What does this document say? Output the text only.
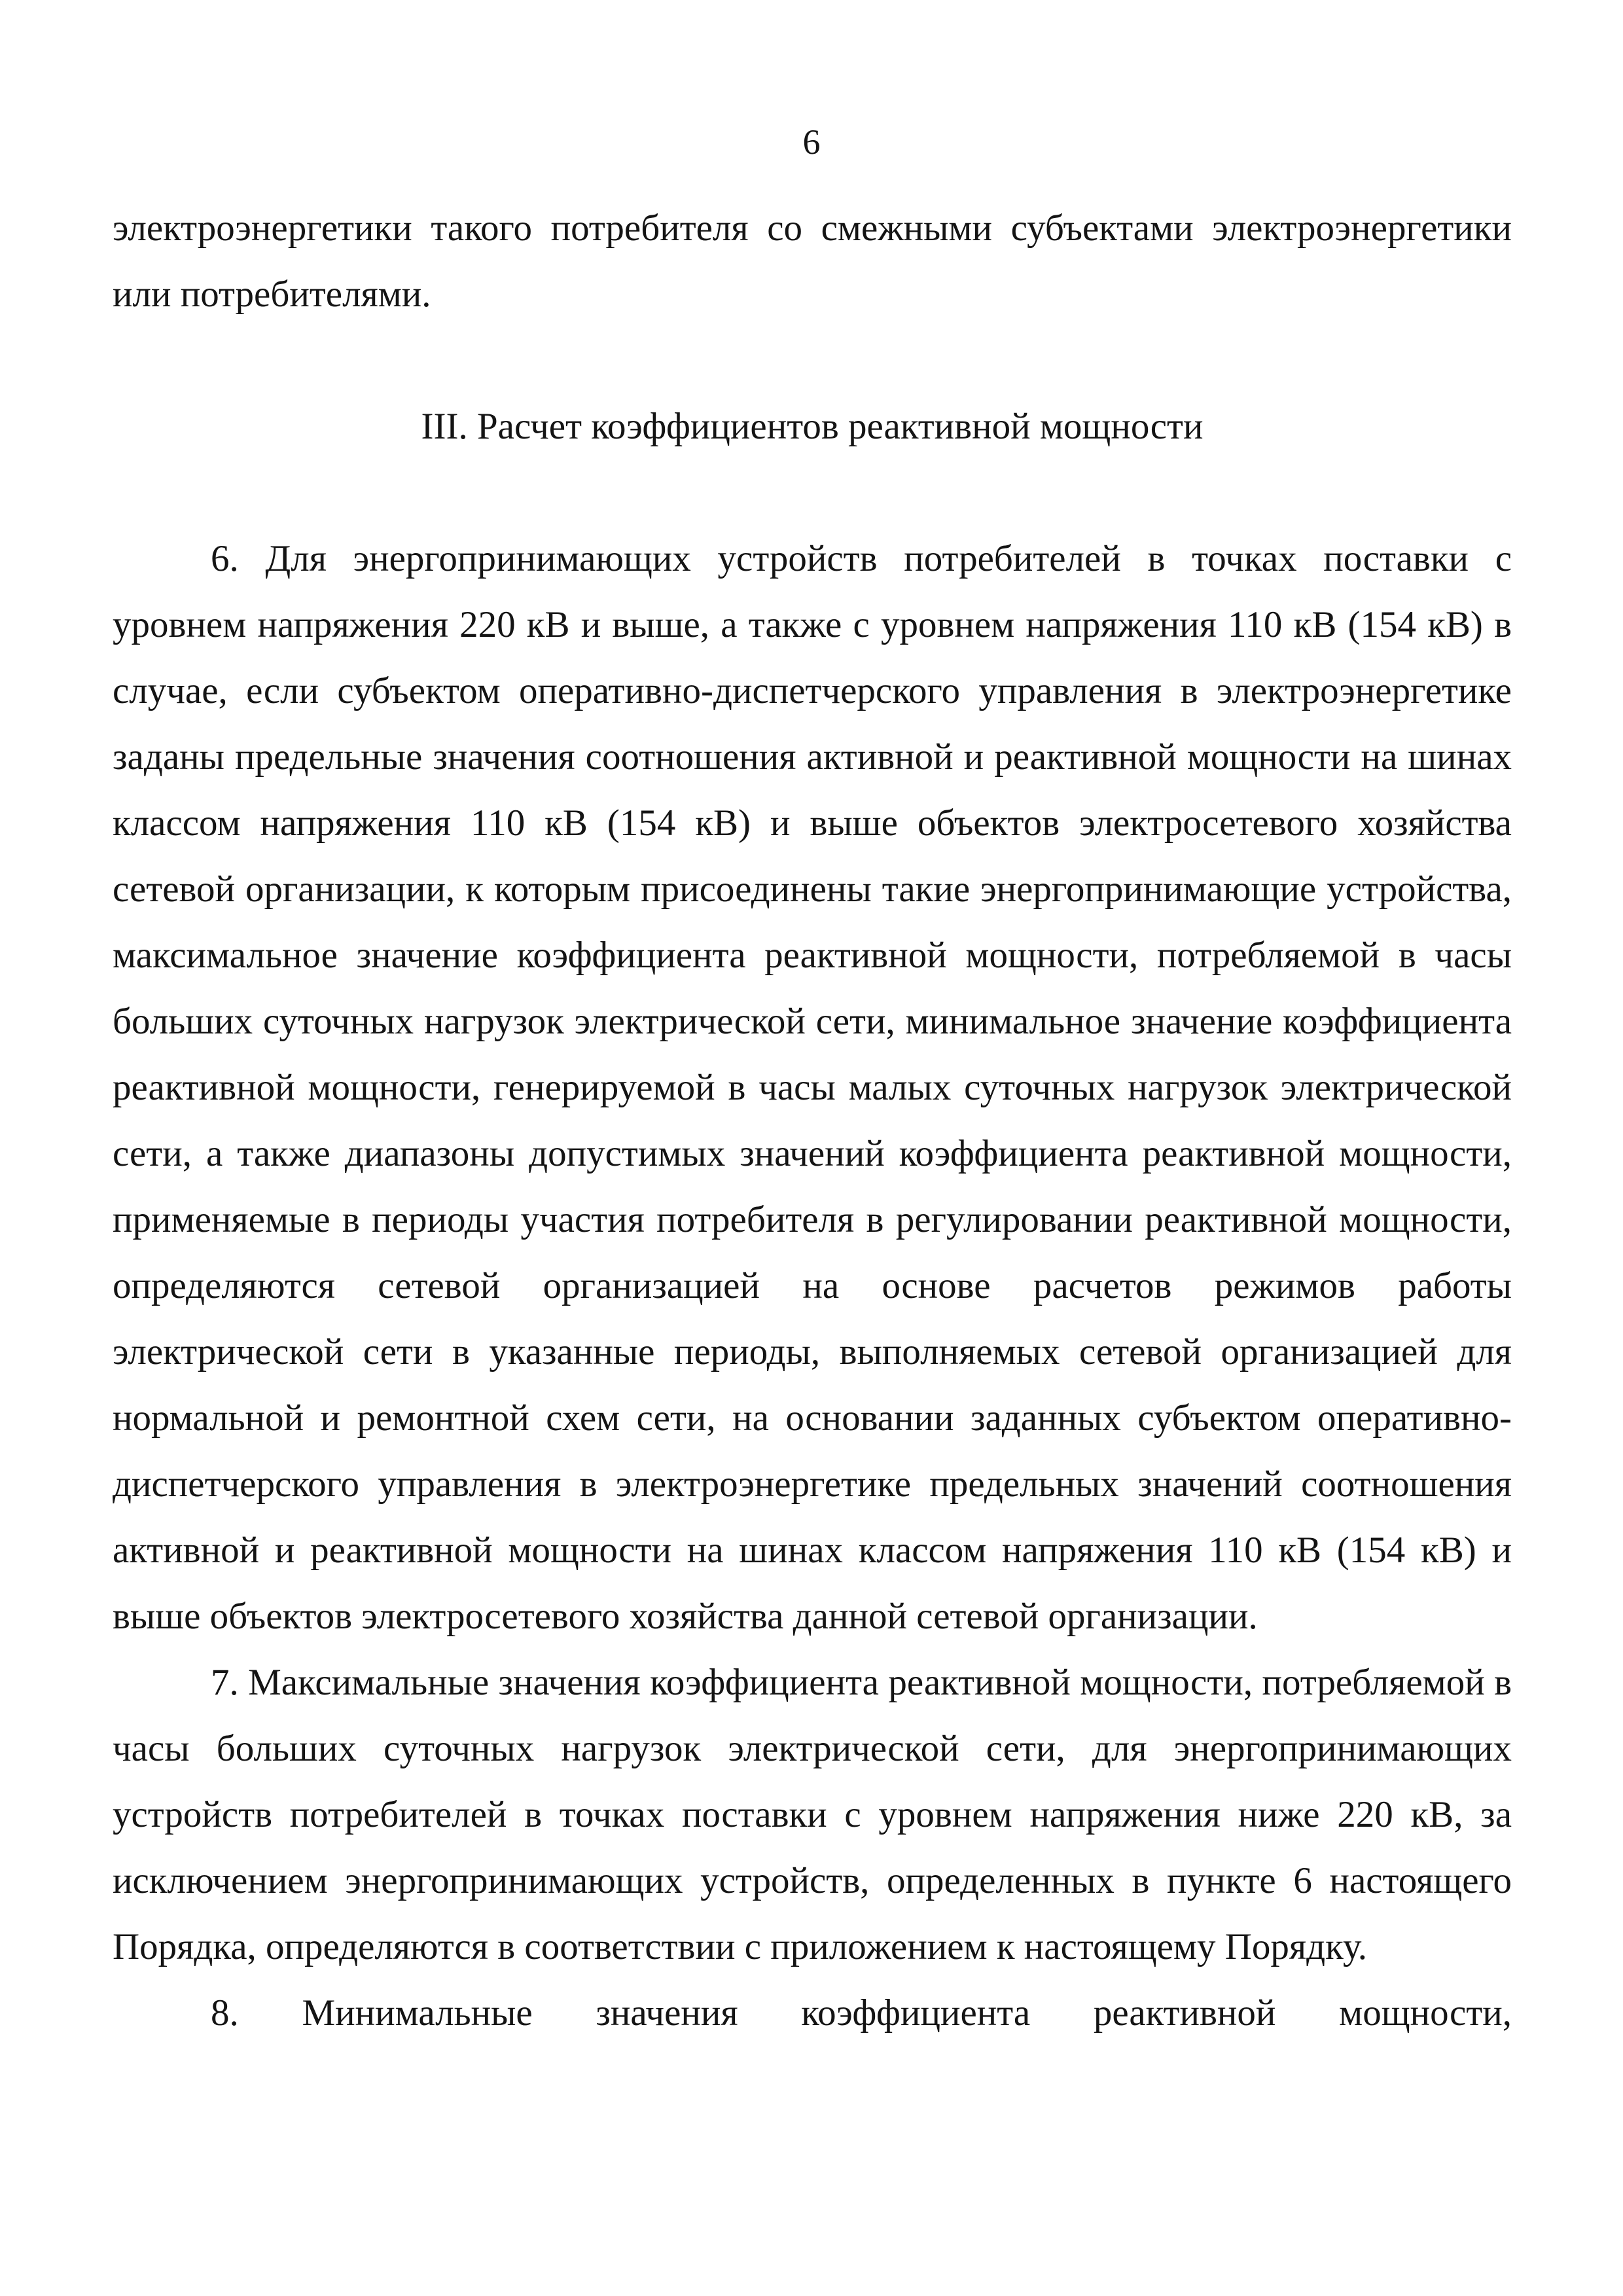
6

электроэнергетики такого потребителя со смежными субъектами электроэнергетики или потребителями.

III. Расчет коэффициентов реактивной мощности

6. Для энергопринимающих устройств потребителей в точках поставки с уровнем напряжения 220 кВ и выше, а также с уровнем напряжения 110 кВ (154 кВ) в случае, если субъектом оперативно-диспетчерского управления в электроэнергетике заданы предельные значения соотношения активной и реактивной мощности на шинах классом напряжения 110 кВ (154 кВ) и выше объектов электросетевого хозяйства сетевой организации, к которым присоединены такие энергопринимающие устройства, максимальное значение коэффициента реактивной мощности, потребляемой в часы больших суточных нагрузок электрической сети, минимальное значение коэффициента реактивной мощности, генерируемой в часы малых суточных нагрузок электрической сети, а также диапазоны допустимых значений коэффициента реактивной мощности, применяемые в периоды участия потребителя в регулировании реактивной мощности, определяются сетевой организацией на основе расчетов режимов работы электрической сети в указанные периоды, выполняемых сетевой организацией для нормальной и ремонтной схем сети, на основании заданных субъектом оперативно-диспетчерского управления в электроэнергетике предельных значений соотношения активной и реактивной мощности на шинах классом напряжения 110 кВ (154 кВ) и выше объектов электросетевого хозяйства данной сетевой организации.

7. Максимальные значения коэффициента реактивной мощности, потребляемой в часы больших суточных нагрузок электрической сети, для энергопринимающих устройств потребителей в точках поставки с уровнем напряжения ниже 220 кВ, за исключением энергопринимающих устройств, определенных в пункте 6 настоящего Порядка, определяются в соответствии с приложением к настоящему Порядку.

8. Минимальные значения коэффициента реактивной мощности,
